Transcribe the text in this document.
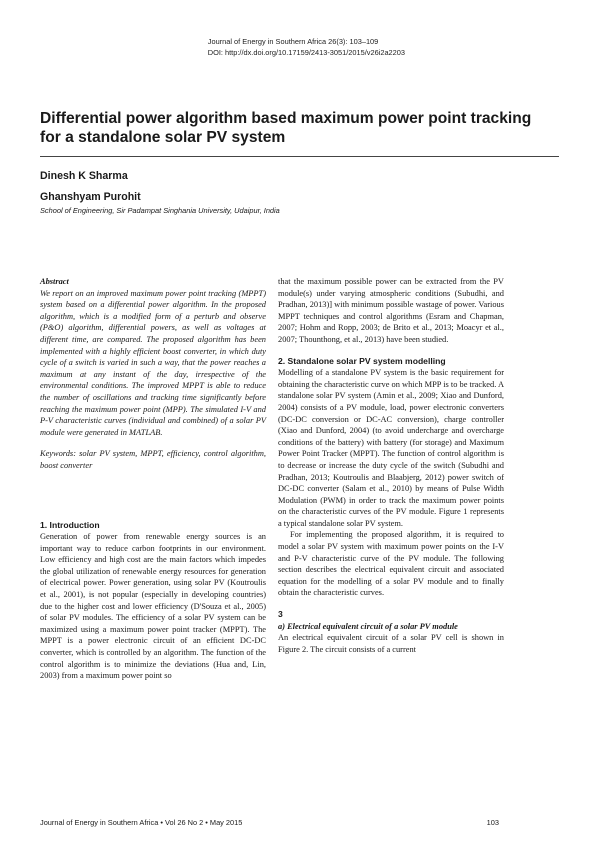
Journal of Energy in Southern Africa 26(3): 103–109
DOI: http://dx.doi.org/10.17159/2413-3051/2015/v26i2a2203
Differential power algorithm based maximum power point tracking for a standalone solar PV system
Dinesh K Sharma
Ghanshyam Purohit
School of Engineering, Sir Padampat Singhania University, Udaipur, India

Abstract

We report on an improved maximum power point tracking (MPPT) system based on a differential power algorithm. In the proposed algorithm, which is a modified form of a perturb and observe (P&O) algorithm, differential powers, as well as voltages at different time, are compared. The proposed algorithm has been implemented with a highly efficient boost converter, in which duty cycle of a switch is varied in such a way, that the power reaches a maximum at any instant of the day, irrespective of the environmental conditions. The improved MPPT is able to reduce the number of oscillations and tracking time significantly before reaching the maximum power point (MPP). The simulated I-V and P-V characteristic curves (individual and combined) of a solar PV module were generated in MATLAB.

Keywords: solar PV system, MPPT, efficiency, control algorithm, boost converter

1. Introduction

Generation of power from renewable energy sources is an important way to reduce carbon footprints in our environment. Low efficiency and high cost are the main factors which impedes the global utilization of renewable energy resources for generation of electrical power. Power generation, using solar PV (Koutroulis et al., 2001), is not popular (especially in developing countries) due to the higher cost and lower efficiency (D'Souza et al., 2005) of solar PV modules. The efficiency of a solar PV system can be maximized using a maximum power point tracker (MPPT). The MPPT is a power electronic circuit of an efficient DC-DC converter, which is controlled by an algorithm. The function of the control algorithm is to minimize the deviations (Hua and, Lin, 2003) from a maximum power point so

that the maximum possible power can be extracted from the PV module(s) under varying atmospheric conditions (Subudhi, and Pradhan, 2013)] with minimum possible wastage of power. Various MPPT techniques and control algorithms (Esram and Chapman, 2007; Hohm and Ropp, 2003; de Brito et al., 2013; Moacyr et al., 2007; Thounthong, et al., 2013) have been studied.

2. Standalone solar PV system modelling

Modelling of a standalone PV system is the basic requirement for obtaining the characteristic curve on which MPP is to be tracked. A standalone solar PV system (Amin et al., 2009; Xiao and Dunford, 2004) consists of a PV module, load, power electronic converters (DC-DC conversion or DC-AC conversion), charge controller (Xiao and Dunford, 2004) (to avoid undercharge and overcharge conditions of the battery) with battery (for storage) and Maximum Power Point Tracker (MPPT). The function of control algorithm is to decrease or increase the duty cycle of the switch (Subudhi and Pradhan, 2013; Koutroulis and Blaabjerg, 2012) power switch of DC-DC converter (Salam et al., 2010) by means of Pulse Width Modulation (PWM) in order to track the maximum power points on the characteristic curves of the PV module. Figure 1 represents a typical standalone solar PV system.

For implementing the proposed algorithm, it is required to model a solar PV system with maximum power points on the I-V and P-V characteristic curve of the PV module. The following section describes the electrical equivalent circuit and associated equation for the modelling of a solar PV module and to finally obtain the characteristic curves.

3

a) Electrical equivalent circuit of a solar PV module

An electrical equivalent circuit of a solar PV cell is shown in Figure 2. The circuit consists of a current

Journal of Energy in Southern Africa • Vol 26 No 2 • May 2015	103
